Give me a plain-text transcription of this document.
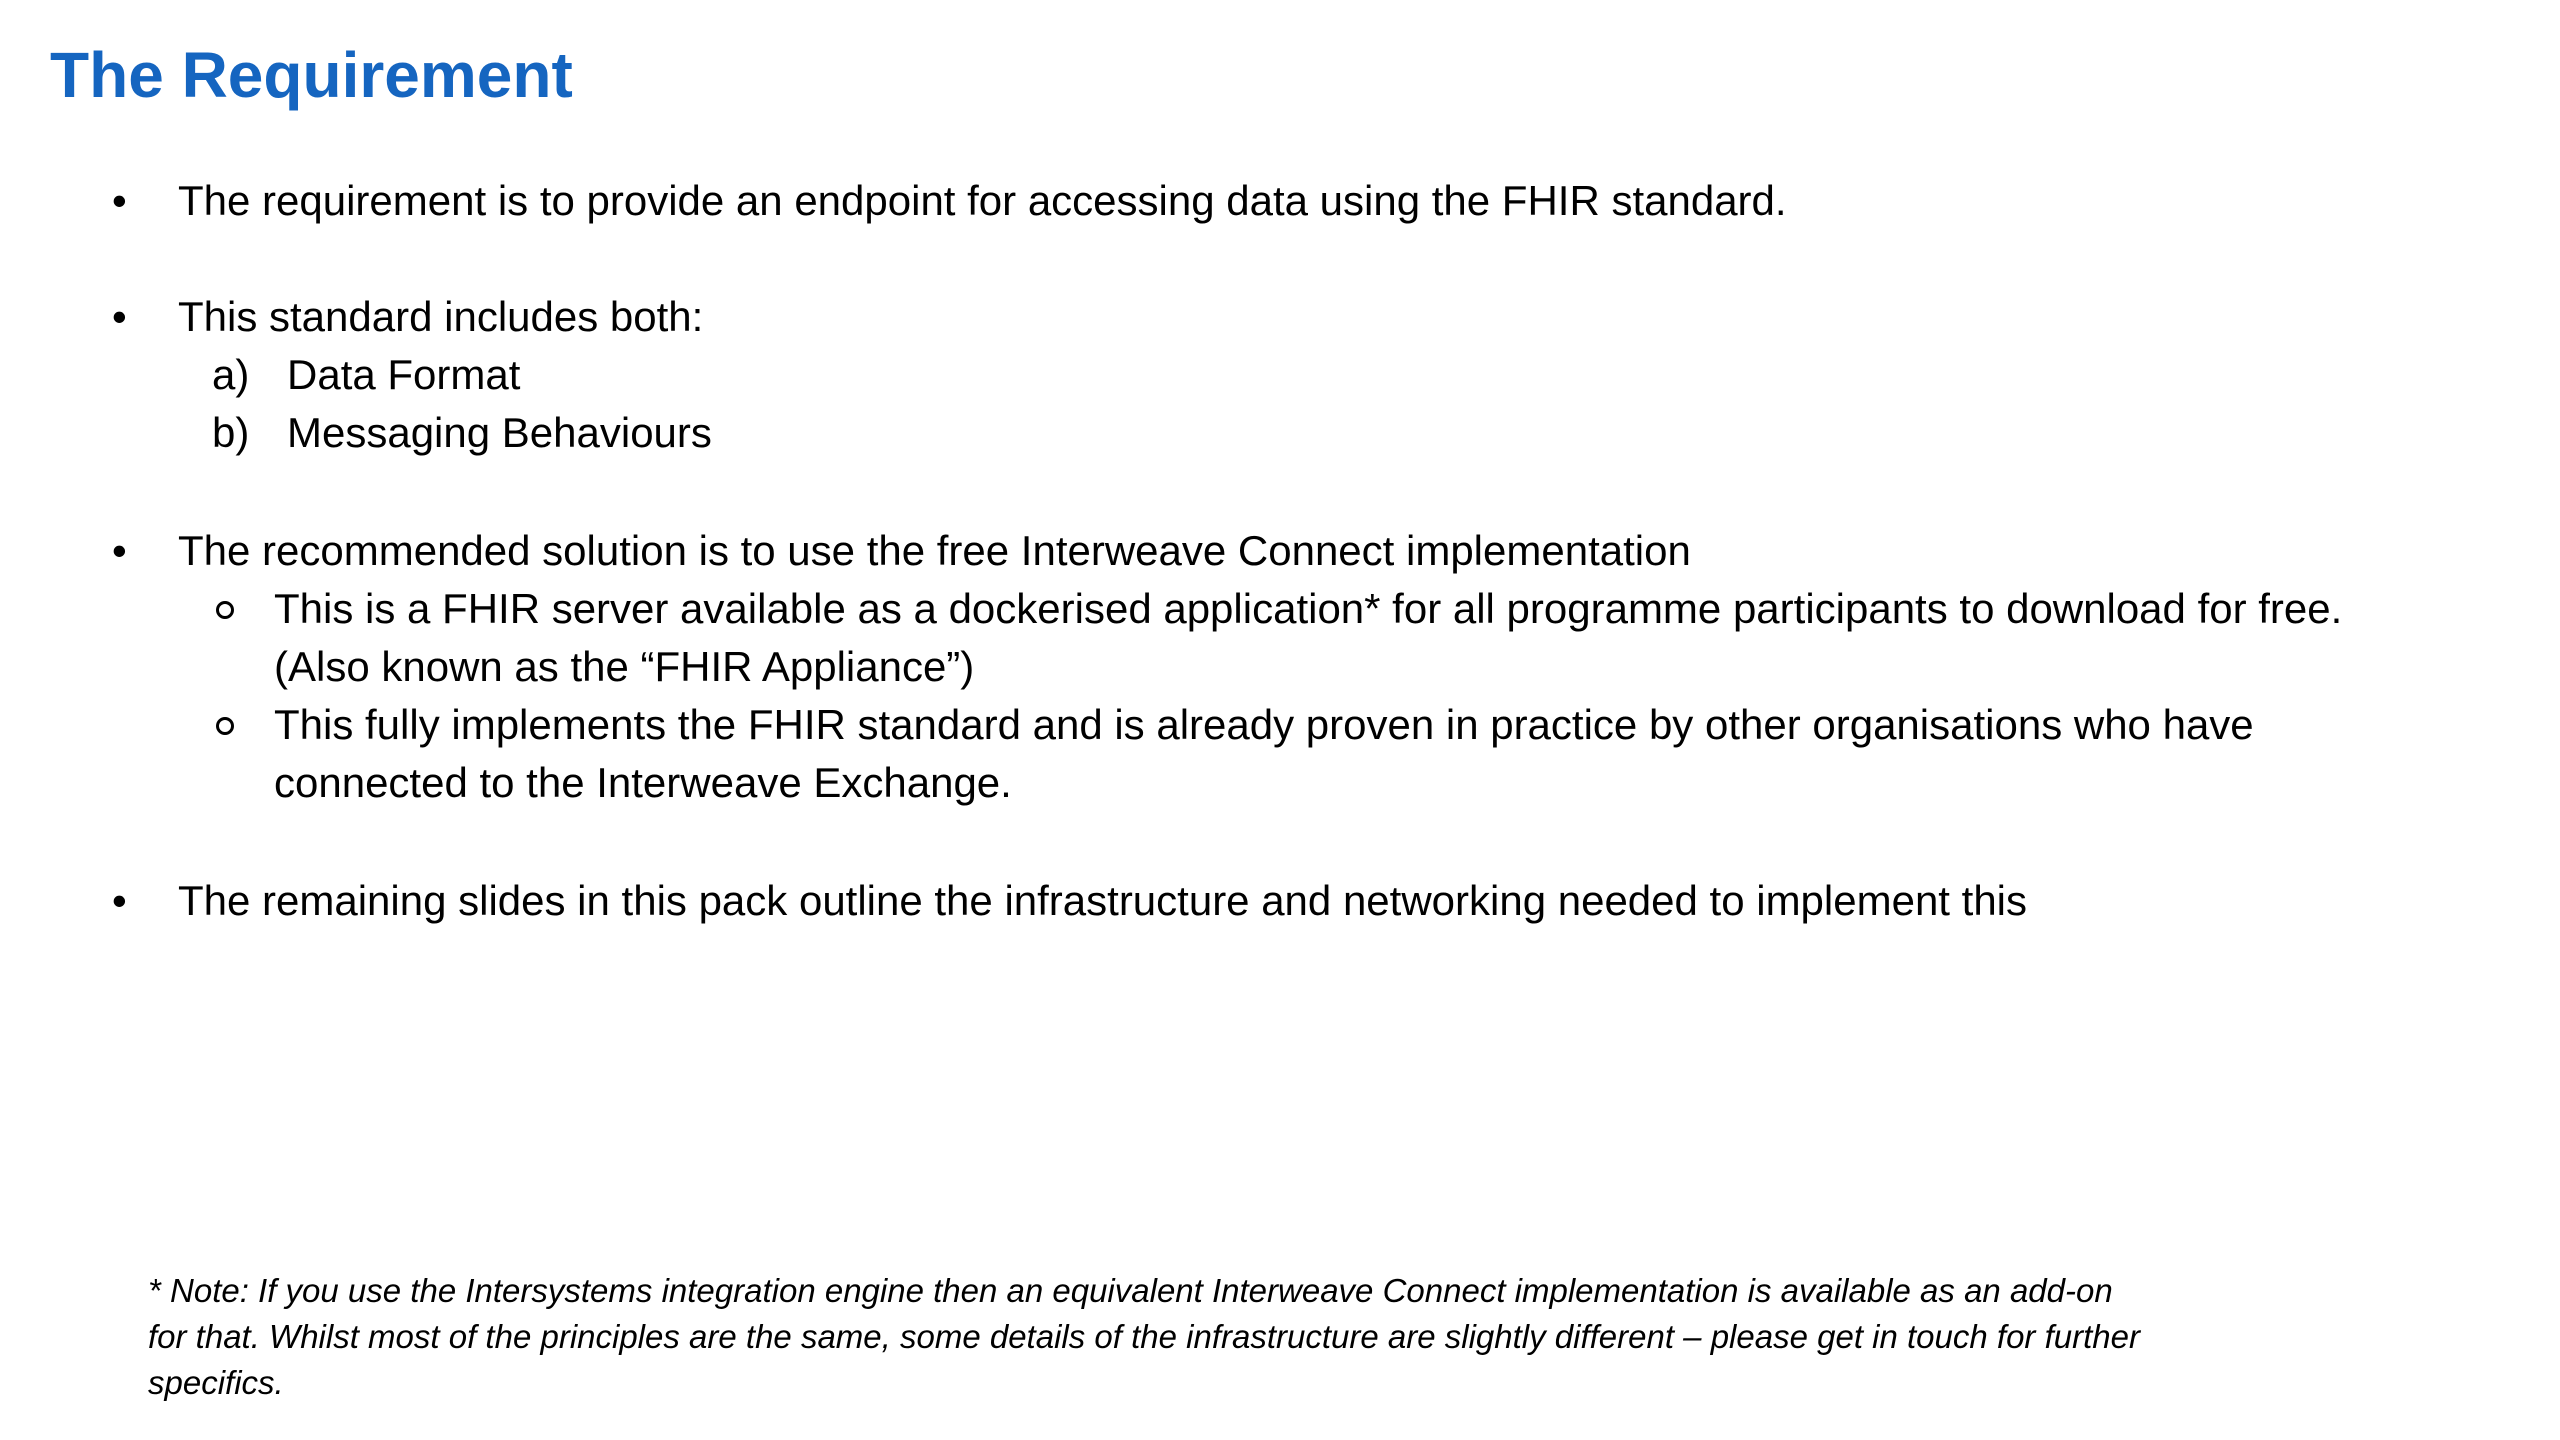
The Requirement
•	The requirement is to provide an endpoint for accessing data using the FHIR standard.
•	This standard includes both:
a) Data Format
b) Messaging Behaviours
•	The recommended solution is to use the free Interweave Connect implementation
This is a FHIR server available as a dockerised application* for all programme participants to download for free.
(Also known as the “FHIR Appliance”)
This fully implements the FHIR standard and is already proven in practice by other organisations who have
connected to the Interweave Exchange.
•	The remaining slides in this pack outline the infrastructure and networking needed to implement this
* Note: If you use the Intersystems integration engine then an equivalent Interweave Connect implementation is available as an add-on
for that. Whilst most of the principles are the same, some details of the infrastructure are slightly different – please get in touch for further
specifics.
